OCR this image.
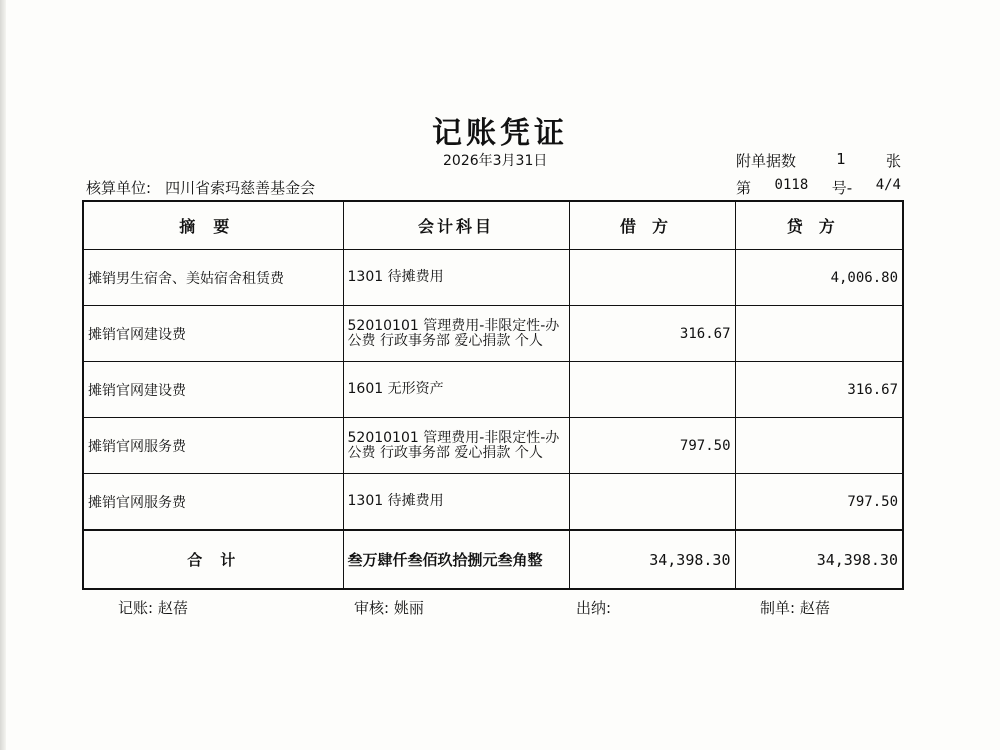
记账凭证
2026年3月31日	附单据数	1	张
核算单位: 四川省索玛慈善基金会	第 0118 号- 4/4
摘要	会计科目	借方	贷方
摊销男生宿舍、美姑宿舍租赁费	1301 待摊费用		4,006.80
摊销官网建设费	52010101 管理费用-非限定性-办公费 行政事务部 爱心捐款 个人	316.67	
摊销官网建设费	1601 无形资产		316.67
摊销官网服务费	52010101 管理费用-非限定性-办公费 行政事务部 爱心捐款 个人	797.50	
摊销官网服务费	1301 待摊费用		797.50
合计	叁万肆仟叁佰玖拾捌元叁角整	34,398.30	34,398.30
记账: 赵蓓	审核: 姚丽	出纳:	制单: 赵蓓
